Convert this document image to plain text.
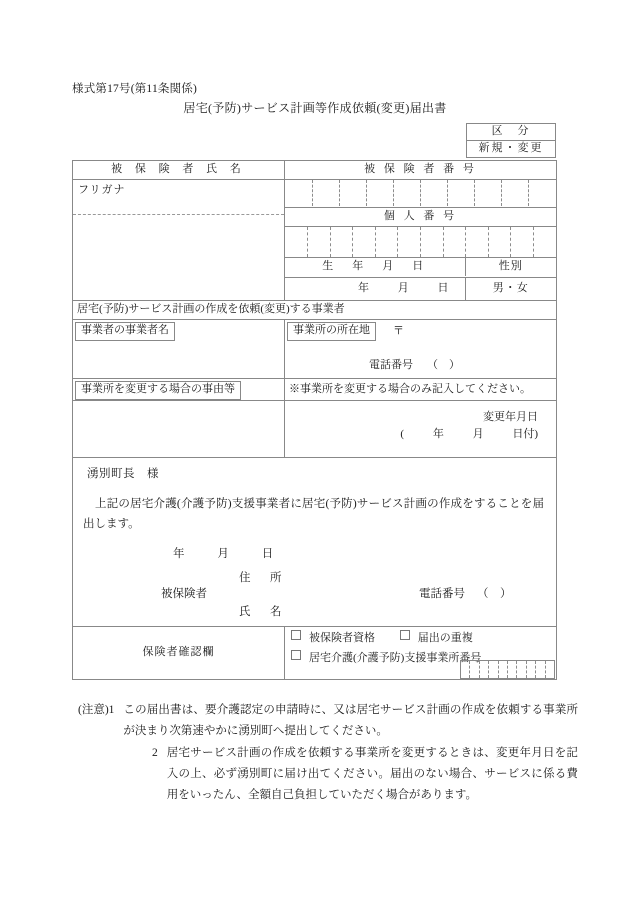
様式第17号(第11条関係)
居宅(予防)サービス計画等作成依頼(変更)届出書
区　分
新規・変更
被 保 険 者 氏 名	被 保 険 者 番 号

フリガナ

個 人 番 号

生　年　月　日	性別

年	月	日	男・女

居宅(予防)サービス計画の作成を依頼(変更)する事業者

事業者の事業者名	事業所の所在地	〒
電話番号 （　）

事業所を変更する場合の事由等	※事業所を変更する場合のみ記入してください。

変更年月日
(	年	月	日付)

湧別町長 様
上記の居宅介護(介護予防)支援事業者に居宅(予防)サービス計画の作成をすることを届出します。
年	月	日
被保険者
住　所
氏　名
電話番号 （　）

保険者確認欄	
被保険者資格	届出の重複
居宅介護(介護予防)支援事業所番号

(注意) 1 この届出書は、要介護認定の申請時に、又は居宅サービス計画の作成を依頼する事業所が決まり次第速やかに湧別町へ提出してください。
2 居宅サービス計画の作成を依頼する事業所を変更するときは、変更年月日を記入の上、必ず湧別町に届け出てください。届出のない場合、サービスに係る費用をいったん、全額自己負担していただく場合があります。
